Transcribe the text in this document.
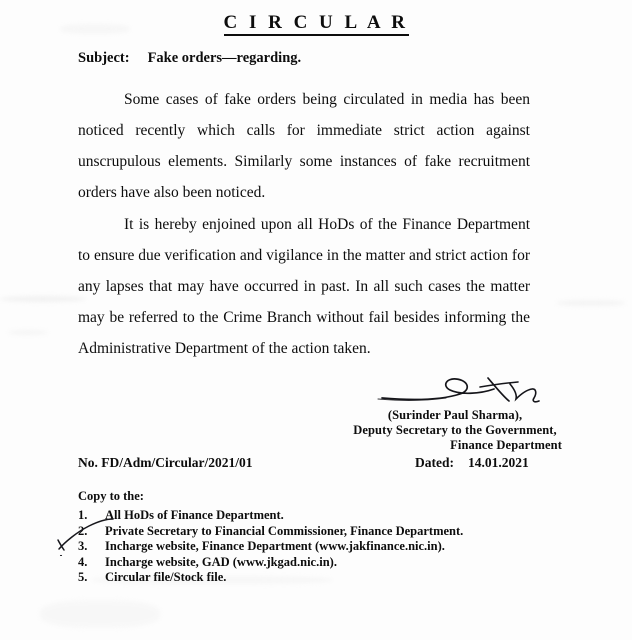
C I R C U L A R
Subject: Fake orders—regarding.

Some cases of fake orders being circulated in media has been noticed recently which calls for immediate strict action against unscrupulous elements. Similarly some instances of fake recruitment orders have also been noticed.

It is hereby enjoined upon all HoDs of the Finance Department to ensure due verification and vigilance in the matter and strict action for any lapses that may have occurred in past. In all such cases the matter may be referred to the Crime Branch without fail besides informing the Administrative Department of the action taken.

(Surinder Paul Sharma),
Deputy Secretary to the Government,
Finance Department
No. FD/Adm/Circular/2021/01	Dated: 14.01.2021
Copy to the:
1.	All HoDs of Finance Department.
2.	Private Secretary to Financial Commissioner, Finance Department.
3.	Incharge website, Finance Department (www.jakfinance.nic.in).
4.	Incharge website, GAD (www.jkgad.nic.in).
5.	Circular file/Stock file.
